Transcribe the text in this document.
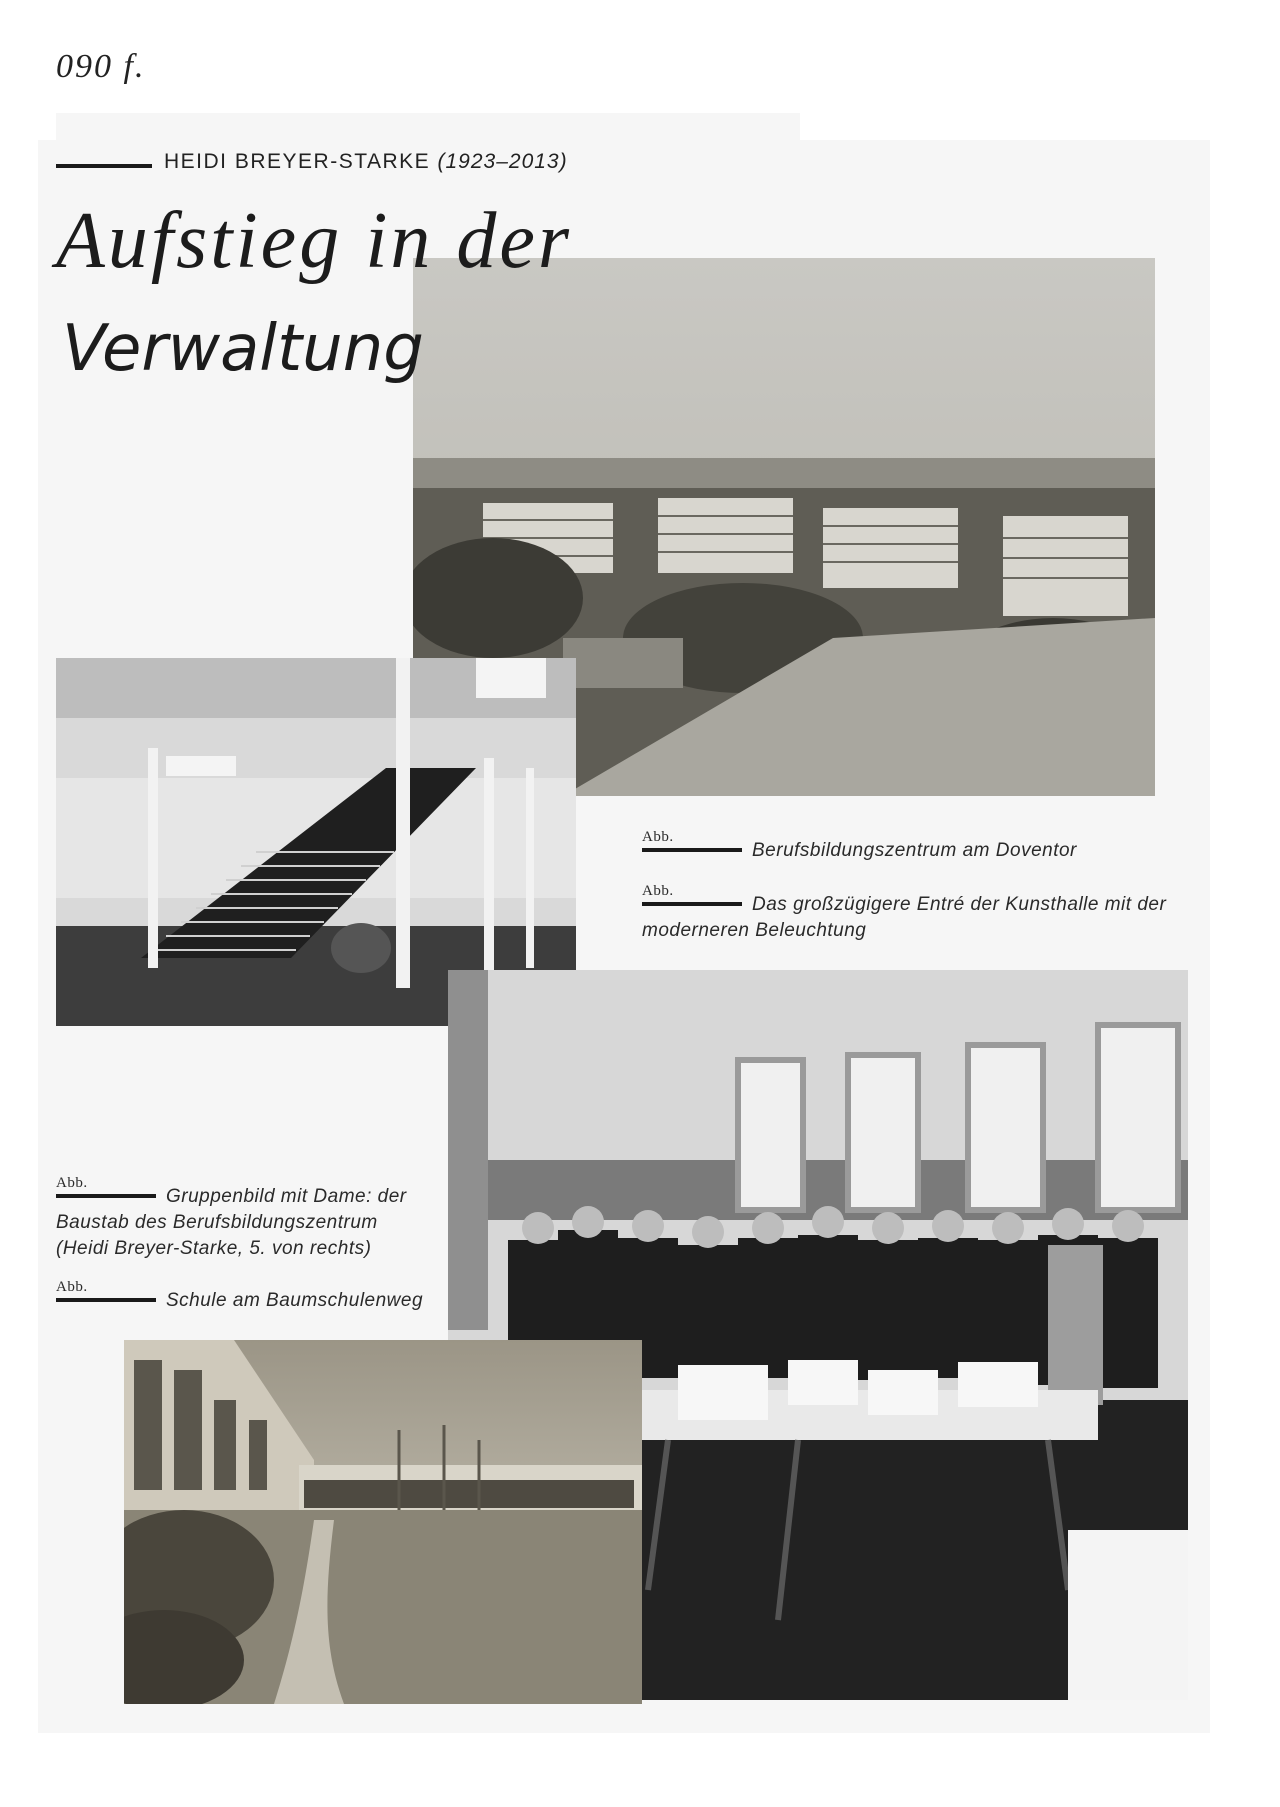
090 f.
HEIDI BREYER-STARKE (1923–2013)
Aufstieg in der
Verwaltung
Abb.
Berufsbildungszentrum am Doventor
Abb.
Das großzügigere Entré der Kunsthalle mit der moderneren Beleuchtung
Abb.
Gruppenbild mit Dame: der Baustab des Berufsbildungszentrum (Heidi Breyer-Starke, 5. von rechts)
Abb.
Schule am Baumschulenweg
